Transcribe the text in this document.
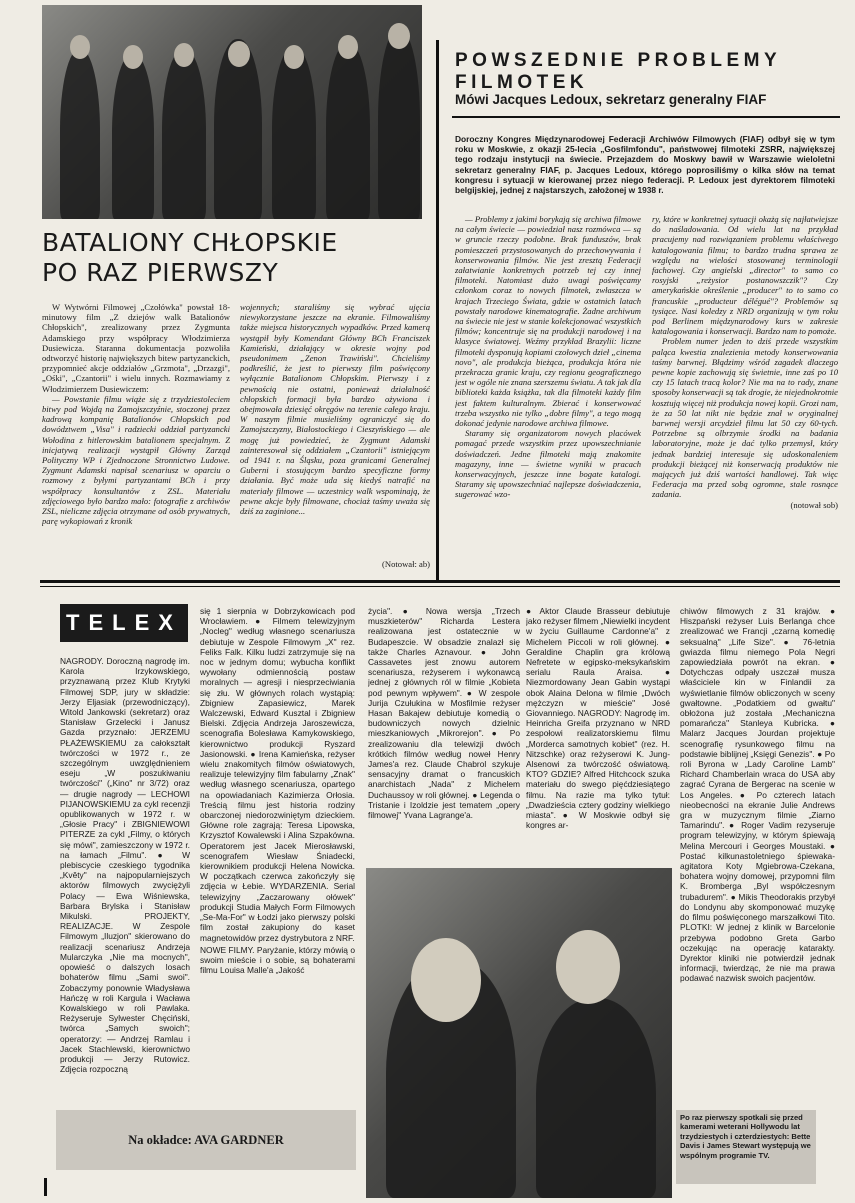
BATALIONY CHŁOPSKIE
PO RAZ PIERWSZY
W Wytwórni Filmowej „Czołówka" powstał 18-minutowy film „Z dziejów walk Batalionów Chłopskich", zrealizowany przez Zygmunta Adamskiego przy współpracy Włodzimierza Dusiewicza. Staranna dokumentacja pozwoliła odtworzyć historię największych bitew partyzanckich, przypomnieć akcje oddziałów „Grzmota", „Drzazgi", „Ośki", „Czantorii" i wielu innych. Rozmawiamy z Włodzimierzem Dusiewiczem:
— Powstanie filmu wiąże się z trzydziestoleciem bitwy pod Wojdą na Zamojszczyźnie, stoczonej przez kadrową kompanię Batalionów Chłopskich pod dowództwem „Visa" i radziecki oddział partyzancki Wołodina z hitlerowskim batalionem specjalnym. Z inicjatywą realizacji wystąpił Główny Zarząd Polityczny WP i Zjednoczone Stronnictwo Ludowe. Zygmunt Adamski napisał scenariusz w oparciu o rozmowy z byłymi partyzantami BCh i przy współpracy konsultantów z ZSL. Materiału zdjęciowego było bardzo mało: fotografie z archiwów ZSL, nieliczne zdjęcia otrzymane od osób prywatnych, parę wykopiowań z kronik
wojennych; staraliśmy się wybrać ujęcia niewykorzystane jeszcze na ekranie. Filmowaliśmy także miejsca historycznych wypadków. Przed kamerą wystąpił były Komendant Główny BCh Franciszek Kamieński, działający w okresie wojny pod pseudonimem „Zenon Trawiński". Chcieliśmy podkreślić, że jest to pierwszy film poświęcony wyłącznie Batalionom Chłopskim. Pierwszy i z pewnością nie ostatni, ponieważ działalność chłopskich formacji była bardzo ożywiona i obejmowała dziesięć okręgów na terenie całego kraju. W naszym filmie musieliśmy ograniczyć się do Zamojszczyzny, Białostockiego i Cieszyńskiego — ale mogę już powiedzieć, że Zygmunt Adamski zainteresował się oddziałem „Czantorii" istniejącym od 1941 r. na Śląsku, poza granicami Generalnej Guberni i stosującym bardzo specyficzne formy działania. Być może uda się kiedyś natrafić na materiały filmowe — uczestnicy walk wspominają, że pewne akcje były filmowane, chociaż taśmy uważa się dziś za zaginione...
(Notował: ab)
POWSZEDNIE PROBLEMY FILMOTEK
Mówi Jacques Ledoux, sekretarz generalny FIAF
Doroczny Kongres Międzynarodowej Federacji Archiwów Filmowych (FIAF) odbył się w tym roku w Moskwie, z okazji 25-lecia „Gosfilmfondu", państwowej filmoteki ZSRR, największej tego rodzaju instytucji na świecie. Przejazdem do Moskwy bawił w Warszawie wieloletni sekretarz generalny FIAF, p. Jacques Ledoux, którego poprosiliśmy o kilka słów na temat kongresu i sytuacji w kierowanej przez niego federacji. P. Ledoux jest dyrektorem filmoteki belgijskiej, jednej z najstarszych, założonej w 1938 r.
— Problemy z jakimi borykają się archiwa filmowe na całym świecie — powiedział nasz rozmówca — są w gruncie rzeczy podobne. Brak funduszów, brak pomieszczeń przystosowanych do przechowywania i konserwowania filmów. Nie jest zresztą Federacji załatwianie konkretnych potrzeb tej czy innej filmoteki. Natomiast dużo uwagi poświęcamy członkom coraz to nowych filmotek, zwłaszcza w krajach Trzeciego Świata, gdzie w ostatnich latach powstały narodowe kinematografie. Żadne archiwum na świecie nie jest w stanie kolekcjonować wszystkich filmów; koncentruje się na produkcji narodowej i na klasyce światowej. Weźmy przykład Brazylii: liczne filmoteki dysponują kopiami czołowych dzieł „cinema novo", ale produkcja bieżąca, produkcja która nie przekracza granic kraju, czy regionu geograficznego jest w ogóle nie znana szerszemu światu. A tak jak dla biblioteki każda książka, tak dla filmoteki każdy film jest faktem kulturalnym. Zbierać i konserwować trzeba wszystko nie tylko „dobre filmy", a tego mogą dokonać jedynie narodowe archiwa filmowe.
Staramy się organizatorom nowych placówek pomagać przede wszystkim przez upowszechnianie doświadczeń. Jedne filmoteki mają znakomite magazyny, inne — świetne wyniki w pracach konserwacyjnych, jeszcze inne bogate katalogi. Staramy się upowszechniać najlepsze doświadczenia, sugerować wzo-
ry, które w konkretnej sytuacji okażą się najłatwiejsze do naśladowania. Od wielu lat na przykład pracujemy nad rozwiązaniem problemu właściwego katalogowania filmu; to bardzo trudna sprawa ze względu na wielości stosowanej terminologii fachowej. Czy angielski „director" to samo co rosyjski „reżysior postanowszczik"? Czy amerykańskie określenie „producer" to to samo co francuskie „producteur délégué"? Problemów są tysiące. Nasi koledzy z NRD organizują w tym roku pod Berlinem międzynarodowy kurs w zakresie katalogowania i konserwacji. Bardzo nam to pomoże.
Problem numer jeden to dziś przede wszystkim paląca kwestia znalezienia metody konserwowania taśmy barwnej. Błądzimy wśród zagadek dlaczego pewne kopie zachowują się świetnie, inne zaś po 10 czy 15 latach tracą kolor? Nie ma na to rady, znane sposoby konserwacji są tak drogie, że niejednokrotnie kosztują więcej niż produkcja nowej kopii. Grozi nam, że za 50 lat nikt nie będzie znał w oryginalnej barwnej wersji arcydzieł filmu lat 50 czy 60-tych. Potrzebne są olbrzymie środki na badania laboratoryjne, może je dać tylko przemysł, który jednak bardziej interesuje się udoskonaleniem produkcji bieżącej niż konserwacją produktów nie mających już dziś wartości handlowej. Tak więc Federacja ma przed sobą ogromne, stale rosnące zadania.
(notował sob)
TELEX
NAGRODY. Doroczną nagrodę im. Karola Irzykowskiego, przyznawaną przez Klub Krytyki Filmowej SDP, jury w składzie: Jerzy Eljasiak (przewodniczący), Witold Jankowski (sekretarz) oraz Stanisław Grzelecki i Janusz Gazda przyznało: JERZEMU PŁAŻEWSKIEMU za całokształt twórczości w 1972 r., ze szczególnym uwzględnieniem eseju „W poszukiwaniu twórczości" („Kino" nr 3/72) oraz — drugie nagrody — LECHOWI PIJANOWSKIEMU za cykl recenzji opublikowanych w 1972 r. w „Głosie Pracy" i ZBIGNIEWOWI PITERZE za cykl „Filmy, o których się mówi", zamieszczony w 1972 r. na łamach „Filmu". ● W plebiscycie czeskiego tygodnika „Květy" na najpopularniejszych aktorów filmowych zwyciężyli Polacy — Ewa Wiśniewska, Barbara Brylska i Stanisław Mikulski. PROJEKTY, REALIZACJE. W Zespole Filmowym „Iluzjon" skierowano do realizacji scenariusz Andrzeja Mularczyka „Nie ma mocnych", opowieść o dalszych losach bohaterów filmu „Sami swoi". Zobaczymy ponownie Władysława Hańczę w roli Kargula i Wacława Kowalskiego w roli Pawlaka. Reżyseruje Sylwester Chęciński, twórca „Samych swoich"; operatorzy: — Andrzej Ramlau i Jacek Stachlewski, kierownictwo produkcji — Jerzy Rutowicz. Zdjęcia rozpoczną
się 1 sierpnia w Dobrzykowicach pod Wrocławiem. ● Filmem telewizyjnym „Nocleg" według własnego scenariusza debiutuje w Zespole Filmowym „X" rez. Feliks Falk. Kilku ludzi zatrzymuje się na noc w jednym domu; wybucha konflikt wywołany odmiennością postaw moralnych — agresji i niesprzeciwiania się złu. W głównych rolach wystąpią: Zbigniew Zapasiewicz, Marek Walczewski, Edward Kusztal i Zbigniew Bielski. Zdjęcia Andrzeja Jaroszewicza, scenografia Bolesława Kamykowskiego, kierownictwo produkcji Ryszard Jasionowski. ● Irena Kamieńska, reżyser wielu znakomitych filmów oświatowych, realizuje telewizyjny film fabularny „Znak" według własnego scenariusza, opartego na opowiadaniach Kazimierza Orłosia. Treścią filmu jest historia rodziny obarczonej niedorozwiniętym dzieckiem. Główne role zagrają: Teresa Lipowska, Krzysztof Kowalewski i Alina Szpakówna. Operatorem jest Jacek Mierosławski, scenografem Wiesław Śniadecki, kierownikiem produkcji Helena Nowicka. W początkach czerwca zakończyły się zdjęcia w Łebie. WYDARZENIA. Serial telewizyjny „Zaczarowany ołówek" produkcji Studia Małych Form Filmowych „Se-Ma-For" w Łodzi jako pierwszy polski film został zakupiony do kaset magnetowidów przez dystrybutora z NRF.
NOWE FILMY. Paryżanie, którzy mówią o swoim mieście i o sobie, są bohaterami filmu Louisa Malle'a „Jakość
życia". ● Nowa wersja „Trzech muszkieterów" Richarda Lestera realizowana jest ostatecznie w Budapeszcie. W obsadzie znalazł się także Charles Aznavour. ● John Cassavetes jest znowu autorem scenariusza, reżyserem i wykonawcą jednej z głównych ról w filmie „Kobieta pod pewnym wpływem". ● W zespole Jurija Czułukina w Mosfilmie reżyser Hasan Bakajew debiutuje komedią o budowniczych nowych dzielnic mieszkaniowych „Mikrorejon". ● Po zrealizowaniu dla telewizji dwóch krótkich filmów według noweł Henry James'a rez. Claude Chabrol szykuje sensacyjny dramat o francuskich anarchistach „Nada" z Michelem Duchaussoy w roli głównej. ● Legenda o Tristanie i Izoldzie jest tematem „opery filmowej" Yvana Lagrange'a.
● Aktor Claude Brasseur debiutuje jako reżyser filmem „Niewielki incydent w życiu Guillaume Cardonne'a" z Michelem Piccoli w roli głównej. ● Geraldine Chaplin gra królową Nefretete w egipsko-meksykańskim serialu Raula Araisa. ● Niezmordowany Jean Gabin wystąpi obok Alaina Delona w filmie „Dwóch mężczyzn w mieście" José Giovanniego. NAGRODY: Nagrodę im. Heinricha Greifa przyznano w NRD zespołowi realizatorskiemu filmu „Morderca samotnych kobiet" (rez. H. Nitzschke) oraz reżyserowi K. Jung-Alsenowi za twórczość oświatową. KTO? GDZIE? Alfred Hitchcock szuka materiału do swego pięćdziesiątego filmu. Na razie ma tylko tytuł: „Dwadzieścia cztery godziny wielkiego miasta". ● W Moskwie odbył się kongres ar-
chiwów filmowych z 31 krajów. ● Hiszpański reżyser Luis Berlanga chce zrealizować we Francji „czarną komedię seksualną" „Life Size". ● 76-letnia gwiazda filmu niemego Pola Negri zapowiedziała powrót na ekran. ● Dotychczas odpały uszczał musza właściciele kin w Finlandii za wyświetlanie filmów obliczonych w sceny gwałtowne. „Podatkiem od gwałtu" obłożona już została „Mechaniczna pomarańcza" Stanleya Kubricka. ● Malarz Jacques Jourdan projektuje scenografię rysunkowego filmu na podstawie biblijnej „Księgi Genezis". ● Po roli Byrona w „Lady Caroline Lamb" Richard Chamberlain wraca do USA aby zagrać Cyrana de Bergerac na scenie w Los Angeles. ● Po czterech latach nieobecności na ekranie Julie Andrews gra w muzycznym filmie „Ziarno Tamarindu". ● Roger Vadim rezyseruje program telewizyjny, w którym śpiewają Melina Mercouri i Georges Moustaki. ● Postać kilkunastoletniego śpiewaka-agitatora Koty Mgiebrowa-Czekana, bohatera wojny domowej, przypomni film K. Bromberga „Byl współczesnym trubadurem". ● Mikis Theodorakis przybył do Londynu aby skomponować muzykę do filmu poświęconego marszałkowi Tito. PLOTKI: W jednej z klinik w Barcelonie przebywa podobno Greta Garbo oczekując na operację katarakty. Dyrektor kliniki nie potwierdził jednak informacji, twierdząc, że nie ma prawa podawać nazwisk swoich pacjentów.
Po raz pierwszy spotkali się przed kamerami weterani Hollywodu lat trzydziestych i czterdziestych: Bette Davis i James Stewart występują we wspólnym programie TV.
Na okładce: AVA GARDNER
